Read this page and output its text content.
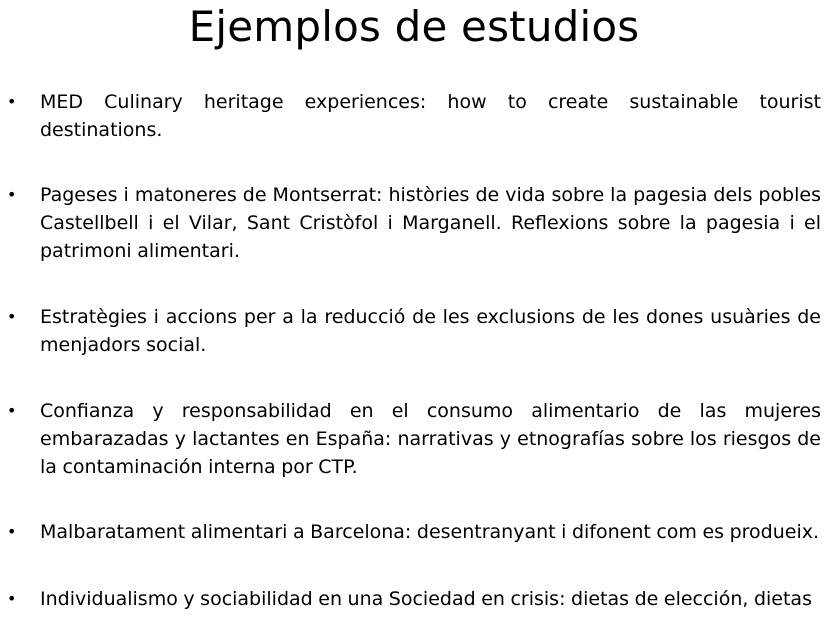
Ejemplos de estudios
• MED Culinary heritage experiences: how to create sustainable tourist destinations.

• Pageses i matoneres de Montserrat: històries de vida sobre la pagesia dels pobles Castellbell i el Vilar, Sant Cristòfol i Marganell. Reflexions sobre la pagesia i el patrimoni alimentari.

• Estratègies i accions per a la reducció de les exclusions de les dones usuàries de menjadors social.

• Confianza y responsabilidad en el consumo alimentario de las mujeres embarazadas y lactantes en España: narrativas y etnografías sobre los riesgos de la contaminación interna por CTP.

• Malbaratament alimentari a Barcelona: desentranyant i difonent com es produeix.

• Individualismo y sociabilidad en una Sociedad en crisis: dietas de elección, dietas
